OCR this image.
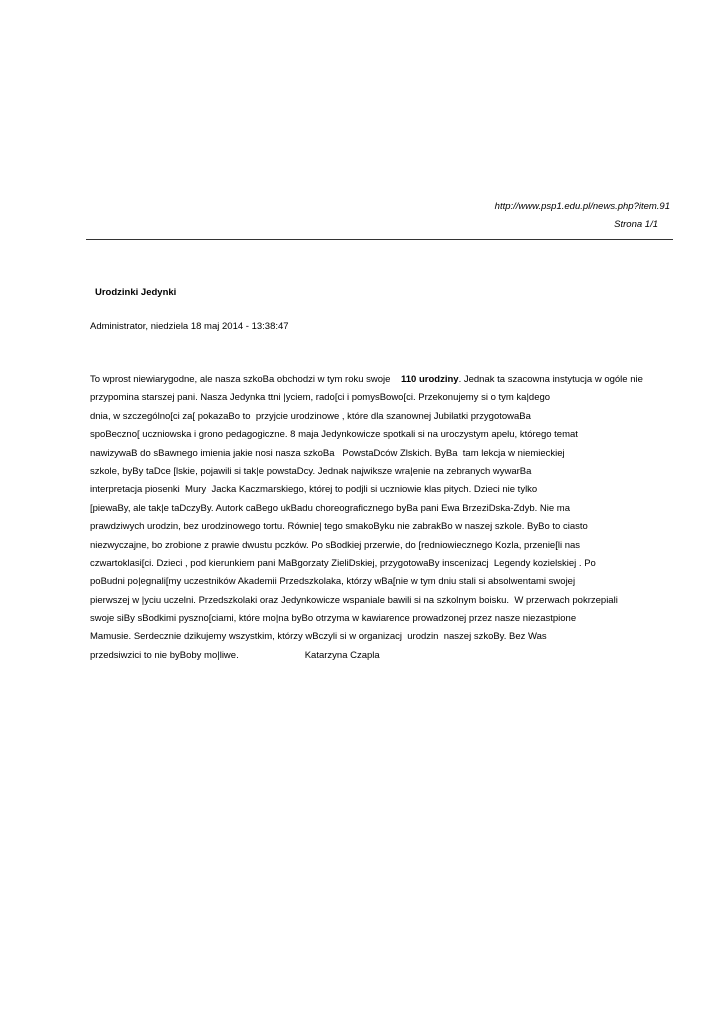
http://www.psp1.edu.pl/news.php?item.91
Strona 1/1
Urodzinki Jedynki
Administrator, niedziela 18 maj 2014 - 13:38:47
To wprost niewiarygodne, ale nasza szkoBa obchodzi w tym roku swoje    110 urodziny. Jednak ta szacowna instytucja w ogóle nie
przypomina starszej pani. Nasza Jedynka ttni |yciem, rado[ci i pomysBowo[ci. Przekonujemy si o tym ka|dego
dnia, w szczególno[ci za[ pokazaBo to  przyjcie urodzinowe , które dla szanownej Jubilatki przygotowaBa
spoBeczno[ uczniowska i grono pedagogiczne. 8 maja Jedynkowicze spotkali si na uroczystym apelu, którego temat
nawizywaB do sBawnego imienia jakie nosi nasza szkoBa   PowstaDców Zlskich. ByBa  tam lekcja w niemieckiej
szkole, byBy taDce [lskie, pojawili si tak|e powstaDcy. Jednak najwiksze wra|enie na zebranych wywarBa
interpretacja piosenki  Mury  Jacka Kaczmarskiego, której to podjli si uczniowie klas pitych. Dzieci nie tylko
[piewaBy, ale tak|e taDczyBy. Autork caBego ukBadu choreograficznego byBa pani Ewa BrzeziDska-Zdyb. Nie ma
prawdziwych urodzin, bez urodzinowego tortu. Równie| tego smakoByku nie zabrakBo w naszej szkole. ByBo to ciasto
niezwyczajne, bo zrobione z prawie dwustu pczków. Po sBodkiej przerwie, do [redniowiecznego Kozla, przenie[li nas
czwartoklasi[ci. Dzieci , pod kierunkiem pani MaBgorzaty ZieliDskiej, przygotowaBy inscenizacj  Legendy kozielskiej . Po
poBudni po|egnali[my uczestników Akademii Przedszkolaka, którzy wBa[nie w tym dniu stali si absolwentami swojej
pierwszej w |yciu uczelni. Przedszkolaki oraz Jedynkowicze wspaniale bawili si na szkolnym boisku.  W przerwach pokrzepiali
swoje siBy sBodkimi pyszno[ciami, które mo|na byBo otrzyma w kawiarence prowadzonej przez nasze niezastpione
Mamusie. Serdecznie dzikujemy wszystkim, którzy wBczyli si w organizacj  urodzin  naszej szkoBy. Bez Was
przedsiwzici to nie byBoby mo|liwe.                         Katarzyna Czapla
